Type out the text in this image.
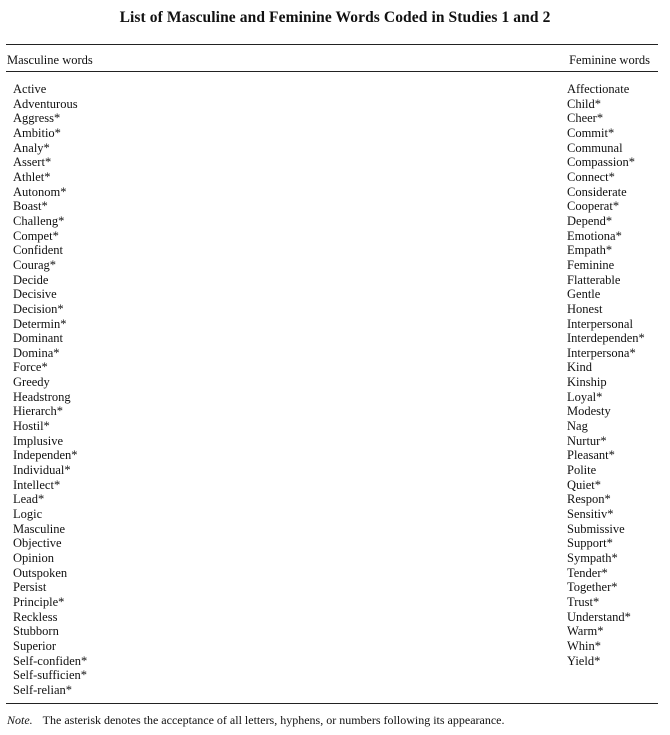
List of Masculine and Feminine Words Coded in Studies 1 and 2
Masculine words	Feminine words
Active
Adventurous
Aggress*
Ambitio*
Analy*
Assert*
Athlet*
Autonom*
Boast*
Challeng*
Compet*
Confident
Courag*
Decide
Decisive
Decision*
Determin*
Dominant
Domina*
Force*
Greedy
Headstrong
Hierarch*
Hostil*
Implusive
Independen*
Individual*
Intellect*
Lead*
Logic
Masculine
Objective
Opinion
Outspoken
Persist
Principle*
Reckless
Stubborn
Superior
Self-confiden*
Self-sufficien*
Self-relian*
Affectionate
Child*
Cheer*
Commit*
Communal
Compassion*
Connect*
Considerate
Cooperat*
Depend*
Emotiona*
Empath*
Feminine
Flatterable
Gentle
Honest
Interpersonal
Interdependen*
Interpersona*
Kind
Kinship
Loyal*
Modesty
Nag
Nurtur*
Pleasant*
Polite
Quiet*
Respon*
Sensitiv*
Submissive
Support*
Sympath*
Tender*
Together*
Trust*
Understand*
Warm*
Whin*
Yield*
Note. The asterisk denotes the acceptance of all letters, hyphens, or numbers following its appearance.
